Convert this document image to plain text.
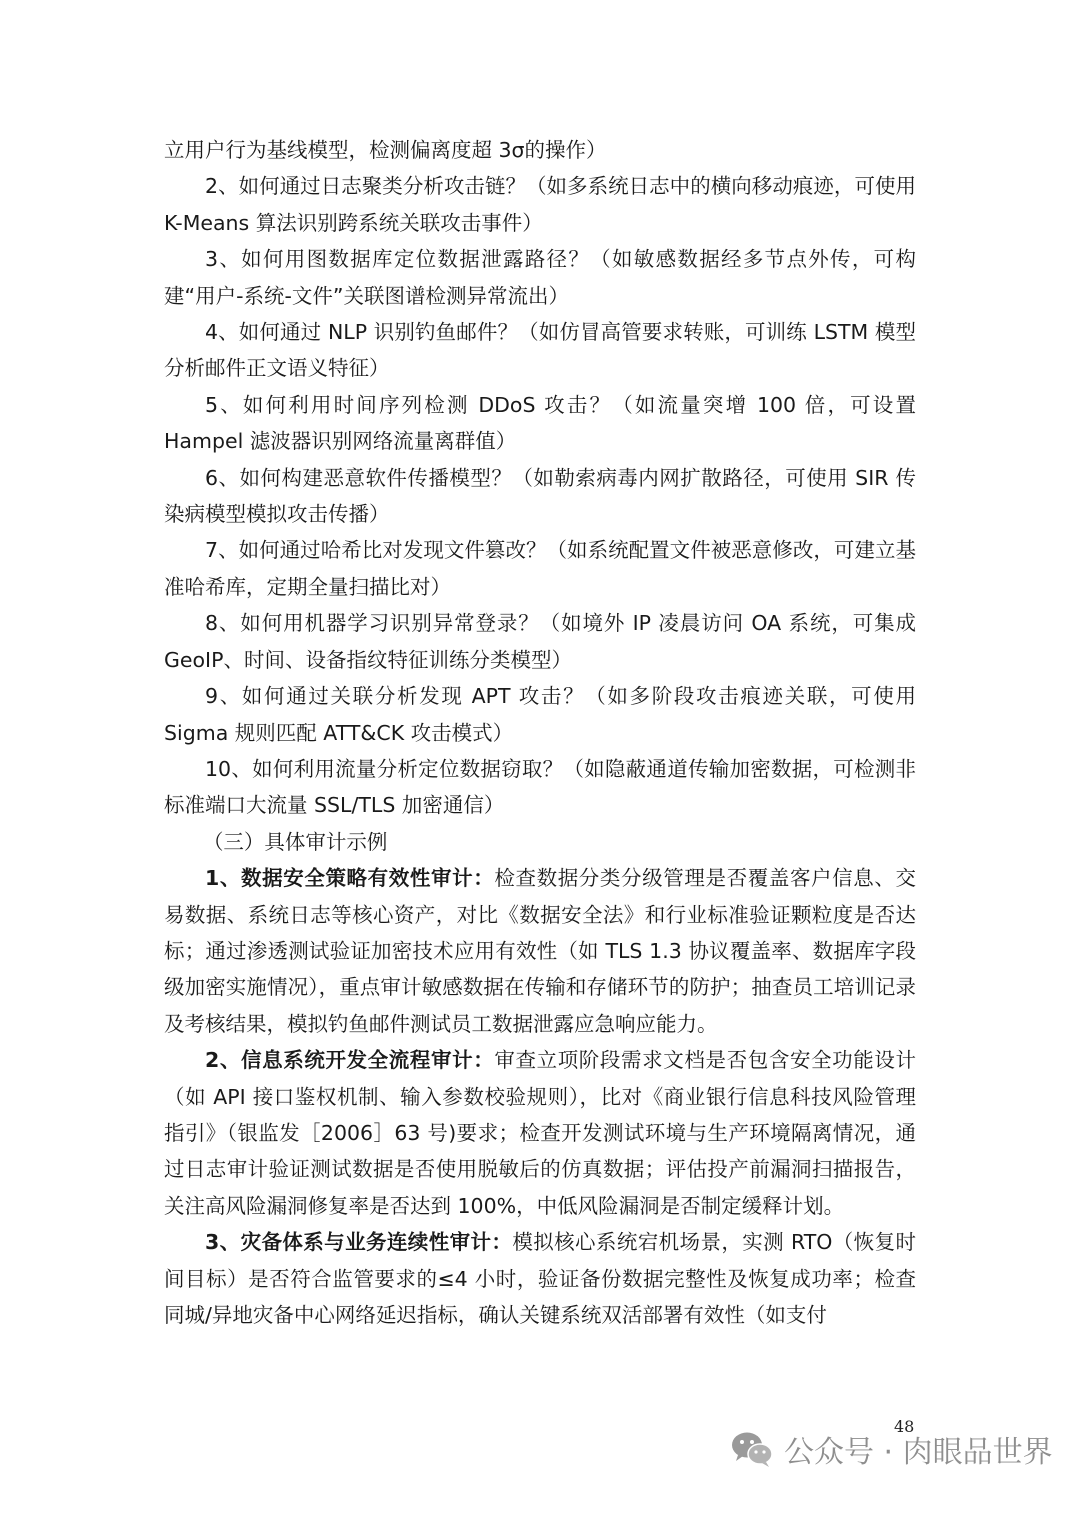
立用户行为基线模型，检测偏离度超 3σ的操作）

2、如何通过日志聚类分析攻击链？（如多系统日志中的横向移动痕迹，可使用 K-Means 算法识别跨系统关联攻击事件）

3、如何用图数据库定位数据泄露路径？（如敏感数据经多节点外传，可构建“用户-系统-文件”关联图谱检测异常流出）

4、如何通过 NLP 识别钓鱼邮件？（如仿冒高管要求转账，可训练 LSTM 模型分析邮件正文语义特征）

5、如何利用时间序列检测 DDoS 攻击？（如流量突增 100 倍，可设置 Hampel 滤波器识别网络流量离群值）

6、如何构建恶意软件传播模型？（如勒索病毒内网扩散路径，可使用 SIR 传染病模型模拟攻击传播）

7、如何通过哈希比对发现文件篡改？（如系统配置文件被恶意修改，可建立基准哈希库，定期全量扫描比对）

8、如何用机器学习识别异常登录？（如境外 IP 凌晨访问 OA 系统，可集成 GeoIP、时间、设备指纹特征训练分类模型）

9、如何通过关联分析发现 APT 攻击？（如多阶段攻击痕迹关联，可使用 Sigma 规则匹配 ATT&CK 攻击模式）

10、如何利用流量分析定位数据窃取？（如隐蔽通道传输加密数据，可检测非标准端口大流量 SSL/TLS 加密通信）

（三）具体审计示例

1、数据安全策略有效性审计：检查数据分类分级管理是否覆盖客户信息、交易数据、系统日志等核心资产，对比《数据安全法》和行业标准验证颗粒度是否达标；通过渗透测试验证加密技术应用有效性（如 TLS 1.3 协议覆盖率、数据库字段级加密实施情况），重点审计敏感数据在传输和存储环节的防护；抽查员工培训记录及考核结果，模拟钓鱼邮件测试员工数据泄露应急响应能力。

2、信息系统开发全流程审计：审查立项阶段需求文档是否包含安全功能设计（如 API 接口鉴权机制、输入参数校验规则），比对《商业银行信息科技风险管理指引》（银监发［2006］63 号)要求；检查开发测试环境与生产环境隔离情况，通过日志审计验证测试数据是否使用脱敏后的仿真数据；评估投产前漏洞扫描报告，关注高风险漏洞修复率是否达到 100%，中低风险漏洞是否制定缓释计划。

3、灾备体系与业务连续性审计：模拟核心系统宕机场景，实测 RTO（恢复时间目标）是否符合监管要求的≤4 小时，验证备份数据完整性及恢复成功率；检查同城/异地灾备中心网络延迟指标，确认关键系统双活部署有效性（如支付

48
公众号 · 肉眼品世界
